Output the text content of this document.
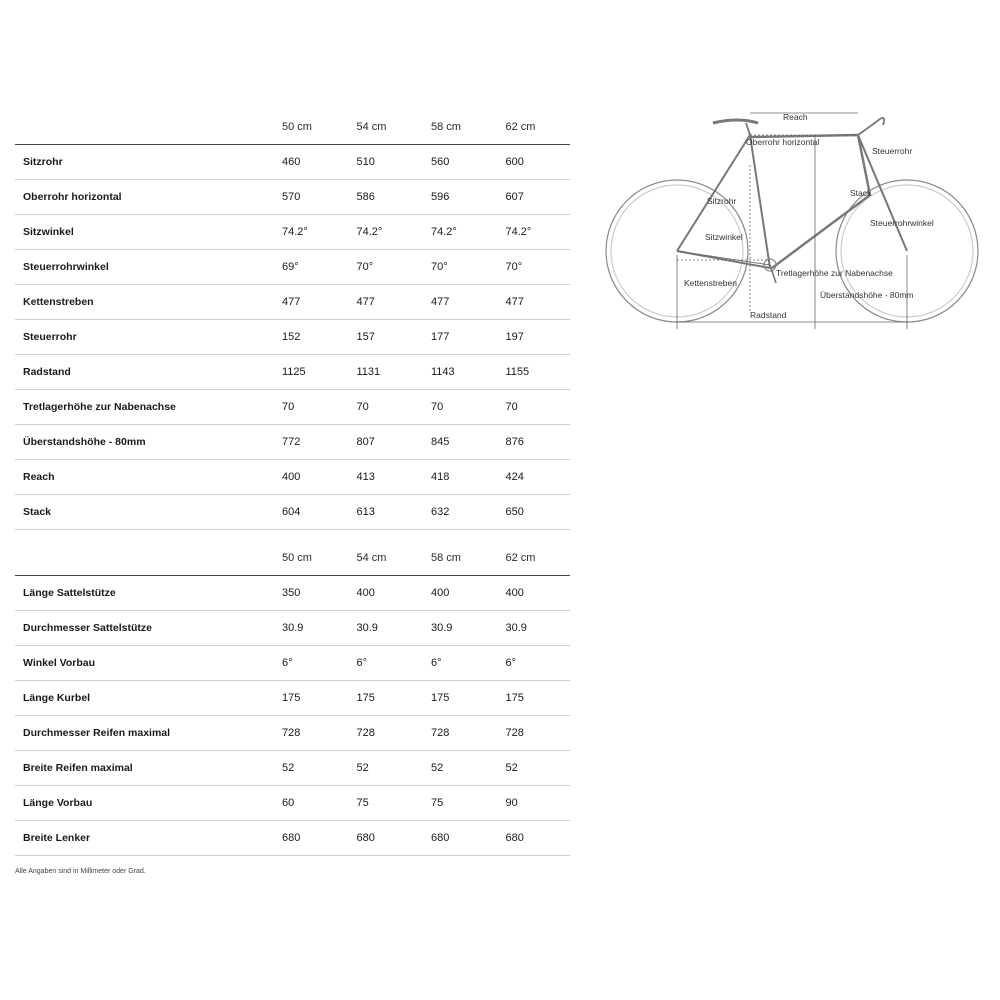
	50 cm	54 cm	58 cm	62 cm
Sitzrohr	460	510	560	600
Oberrohr horizontal	570	586	596	607
Sitzwinkel	74.2°	74.2°	74.2°	74.2°
Steuerrohrwinkel	69°	70°	70°	70°
Kettenstreben	477	477	477	477
Steuerrohr	152	157	177	197
Radstand	1125	1131	1143	1155
Tretlagerhöhe zur Nabenachse	70	70	70	70
Überstandshöhe - 80mm	772	807	845	876
Reach	400	413	418	424
Stack	604	613	632	650
	50 cm	54 cm	58 cm	62 cm
Länge Sattelstütze	350	400	400	400
Durchmesser Sattelstütze	30.9	30.9	30.9	30.9
Winkel Vorbau	6°	6°	6°	6°
Länge Kurbel	175	175	175	175
Durchmesser Reifen maximal	728	728	728	728
Breite Reifen maximal	52	52	52	52
Länge Vorbau	60	75	75	90
Breite Lenker	680	680	680	680
Alle Angaben sind in Millimeter oder Grad.
Reach
Oberrohr horizontal
Steuerrohr
Sitzrohr
Stack
Steuerrohrwinkel
Sitzwinkel
Tretlagerhöhe zur Nabenachse
Kettenstreben
Überstandshöhe - 80mm
Radstand
